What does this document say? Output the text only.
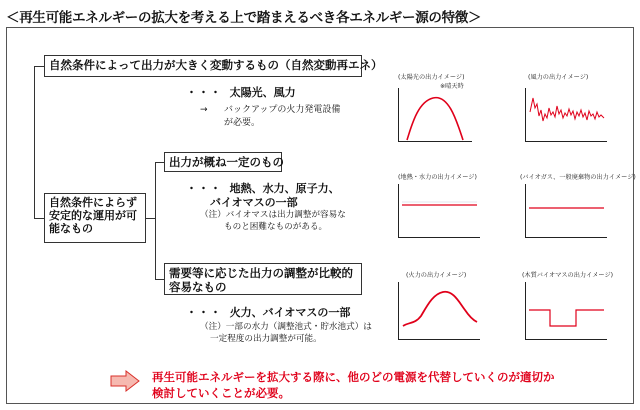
＜再生可能エネルギーの拡大を考える上で踏まえるべき各エネルギー源の特徴＞
自然条件によって出力が大きく変動するもの（自然変動再エネ）
自然条件によらず安定的な運用が可能なもの
出力が概ね一定のもの
需要等に応じた出力の調整が比較的容易なもの
・・・ 太陽光、風力
→ バックアップの火力発電設備
が必要。
・・・ 地熱、水力、原子力、
バイオマスの一部
（注）バイオマスは出力調整が容易な
ものと困難なものがある。
・・・ 火力、バイオマスの一部
（注）一部の水力（調整池式・貯水池式）は
一定程度の出力調整が可能。
(太陽光の出力イメージ)
※晴天時
(風力の出力イメージ)
(地熱・水力の出力イメージ)	(バイオガス、一般廃棄物の出力イメージ)
(火力の出力イメージ)	(木質バイオマスの出力イメージ)
再生可能エネルギーを拡大する際に、他のどの電源を代替していくのが適切か
検討していくことが必要。
